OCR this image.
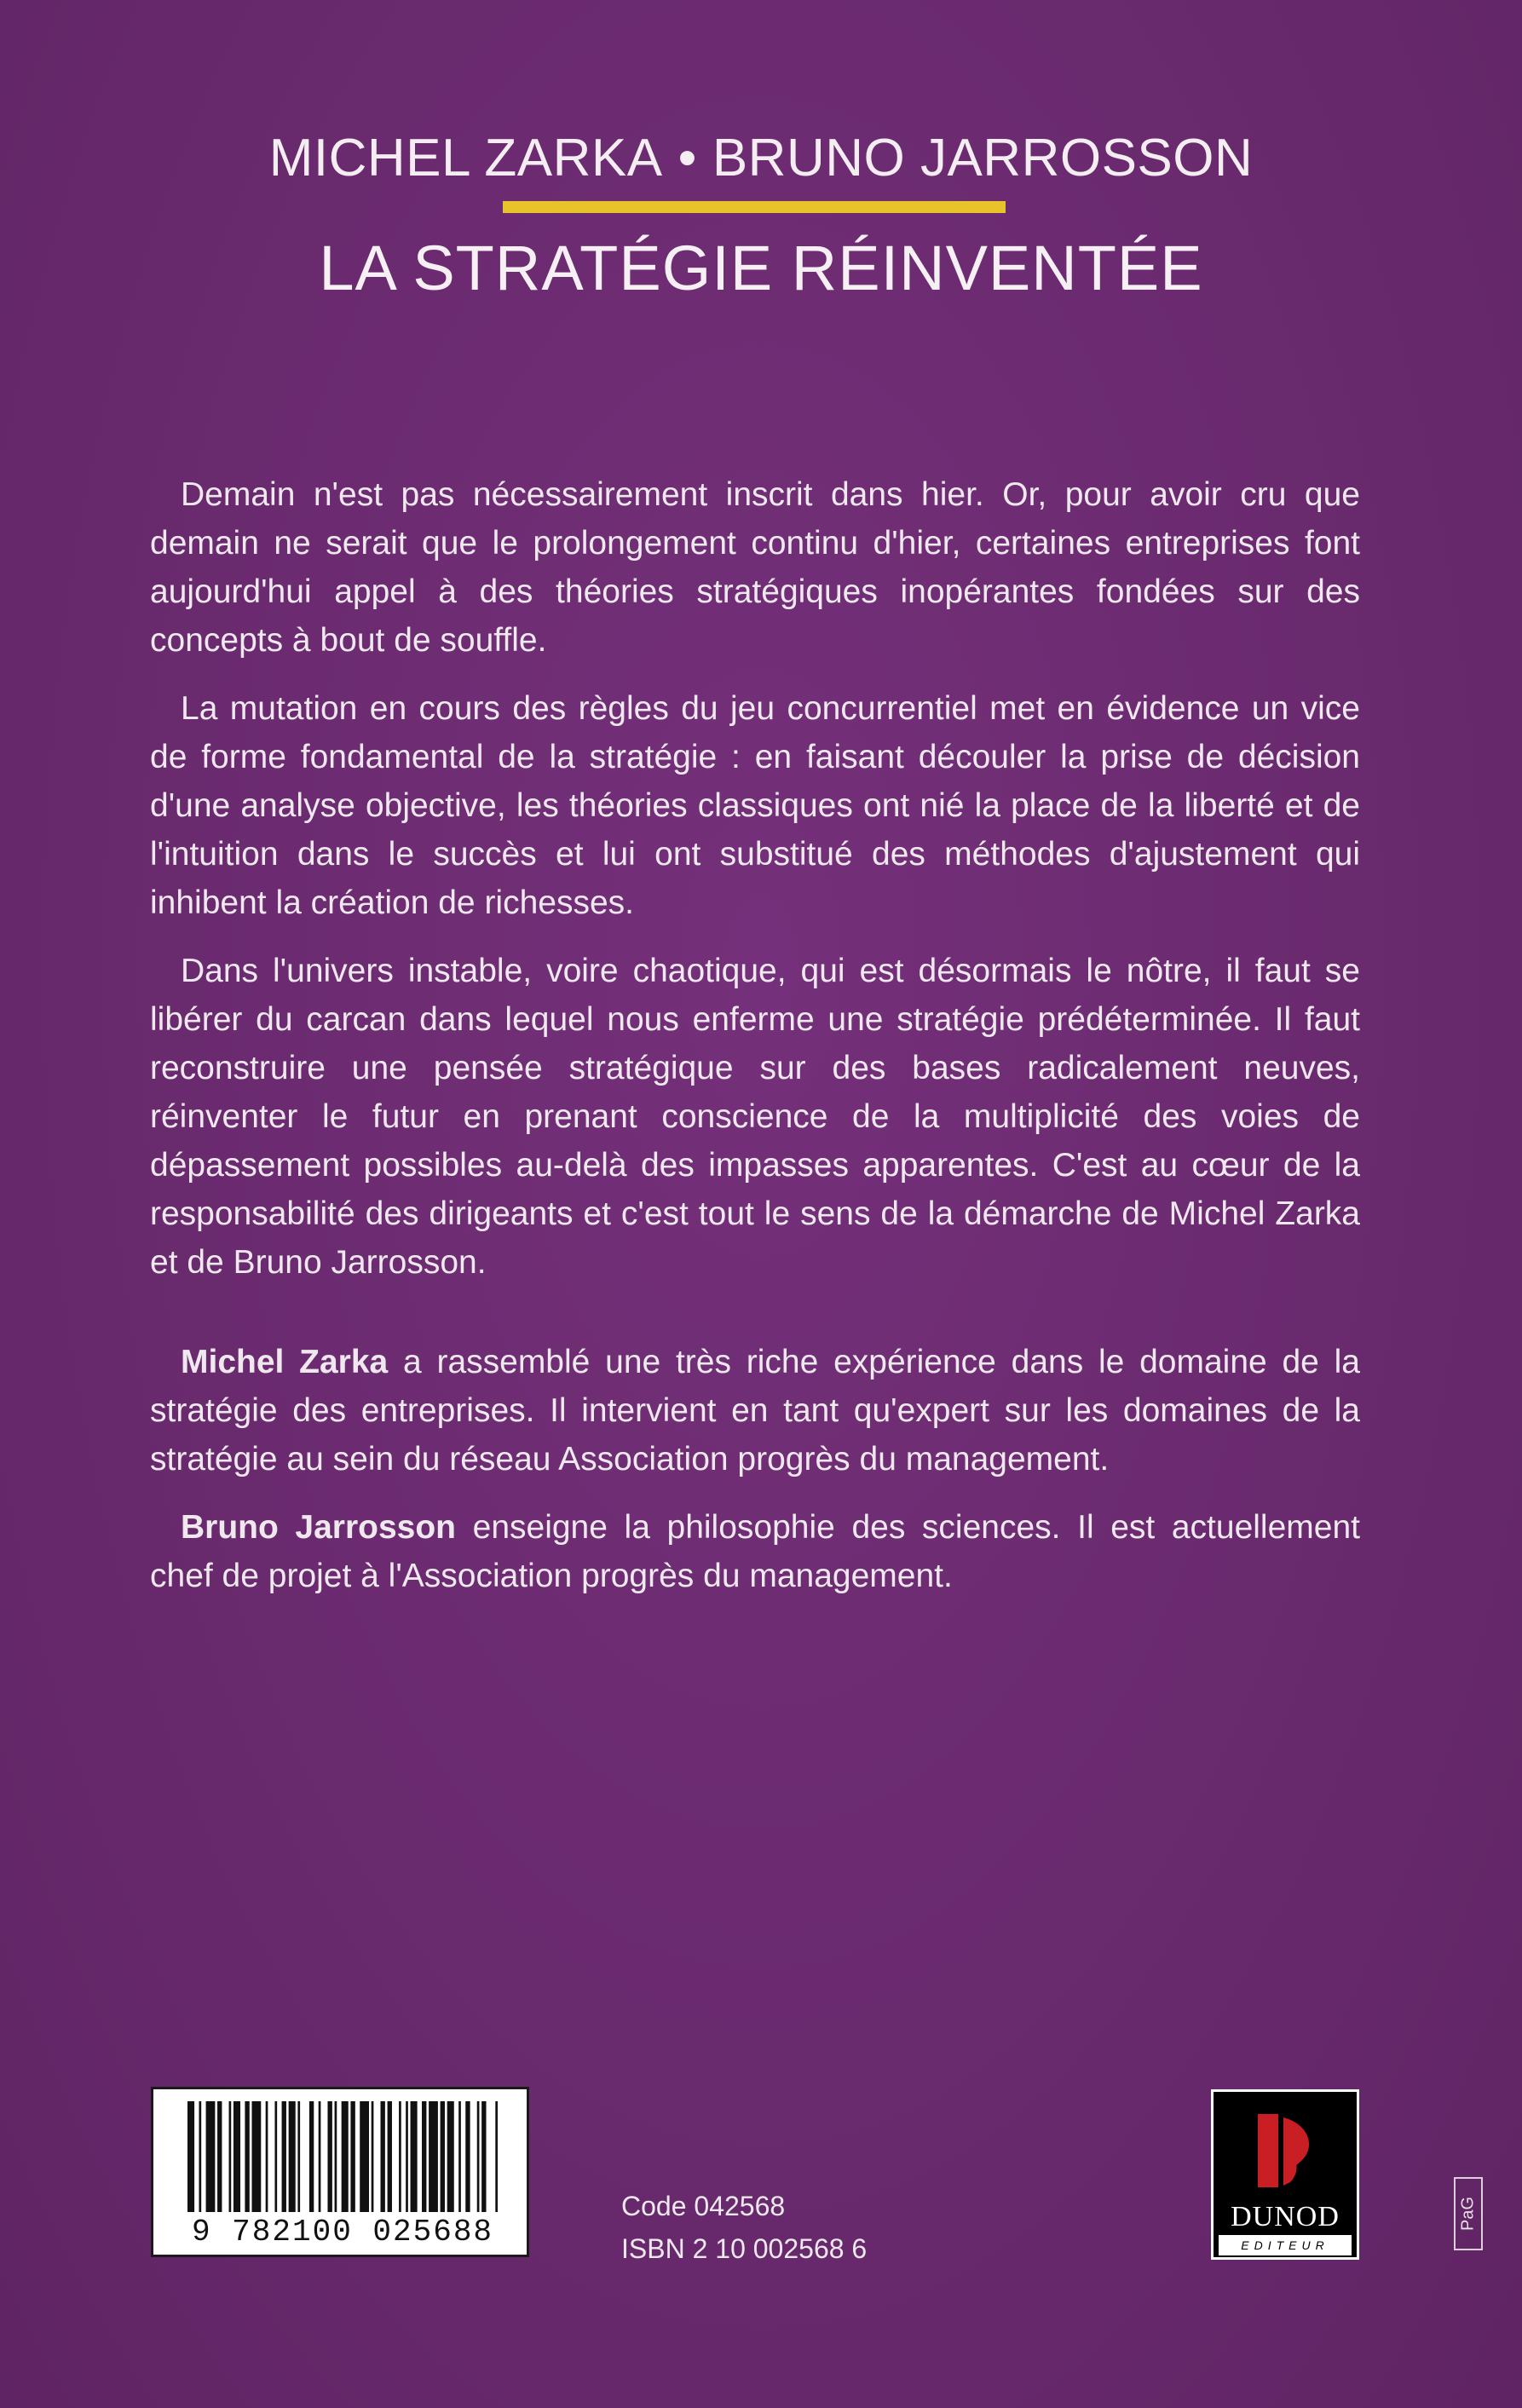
MICHEL ZARKA • BRUNO JARROSSON
LA STRATÉGIE RÉINVENTÉE

Demain n'est pas nécessairement inscrit dans hier. Or, pour avoir cru que demain ne serait que le prolongement continu d'hier, certaines entreprises font aujourd'hui appel à des théories stratégiques inopérantes fondées sur des concepts à bout de souffle.

La mutation en cours des règles du jeu concurrentiel met en évidence un vice de forme fondamental de la stratégie : en faisant découler la prise de décision d'une analyse objective, les théories classiques ont nié la place de la liberté et de l'intuition dans le succès et lui ont substitué des méthodes d'ajustement qui inhibent la création de richesses.

Dans l'univers instable, voire chaotique, qui est désormais le nôtre, il faut se libérer du carcan dans lequel nous enferme une stratégie prédéterminée. Il faut reconstruire une pensée stratégique sur des bases radicalement neuves, réinventer le futur en prenant conscience de la multiplicité des voies de dépassement possibles au-delà des impasses apparentes. C'est au cœur de la responsabilité des dirigeants et c'est tout le sens de la démarche de Michel Zarka et de Bruno Jarrosson.

Michel Zarka a rassemblé une très riche expérience dans le domaine de la stratégie des entreprises. Il intervient en tant qu'expert sur les domaines de la stratégie au sein du réseau Association progrès du management.

Bruno Jarrosson enseigne la philosophie des sciences. Il est actuellement chef de projet à l'Association progrès du management.

9 782100 025688
Code 042568
ISBN 2 10 002568 6
DUNOD
EDITEUR
PaG
